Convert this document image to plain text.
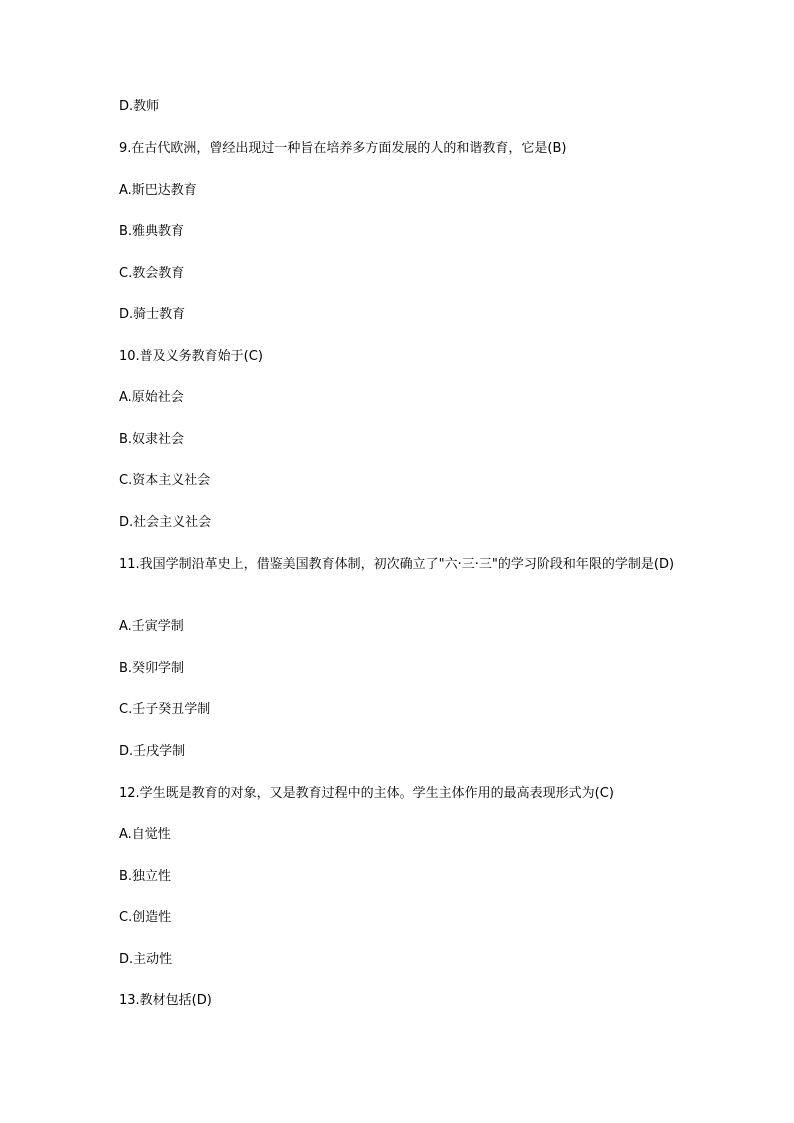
D.教师
9.在古代欧洲，曾经出现过一种旨在培养多方面发展的人的和谐教育，它是(B)
A.斯巴达教育
B.雅典教育
C.教会教育
D.骑士教育
10.普及义务教育始于(C)
A.原始社会
B.奴隶社会
C.资本主义社会
D.社会主义社会
11.我国学制沿革史上，借鉴美国教育体制，初次确立了"六·三·三"的学习阶段和年限的学制是(D)
A.壬寅学制
B.癸卯学制
C.壬子癸丑学制
D.壬戌学制
12.学生既是教育的对象，又是教育过程中的主体。学生主体作用的最高表现形式为(C)
A.自觉性
B.独立性
C.创造性
D.主动性
13.教材包括(D)
